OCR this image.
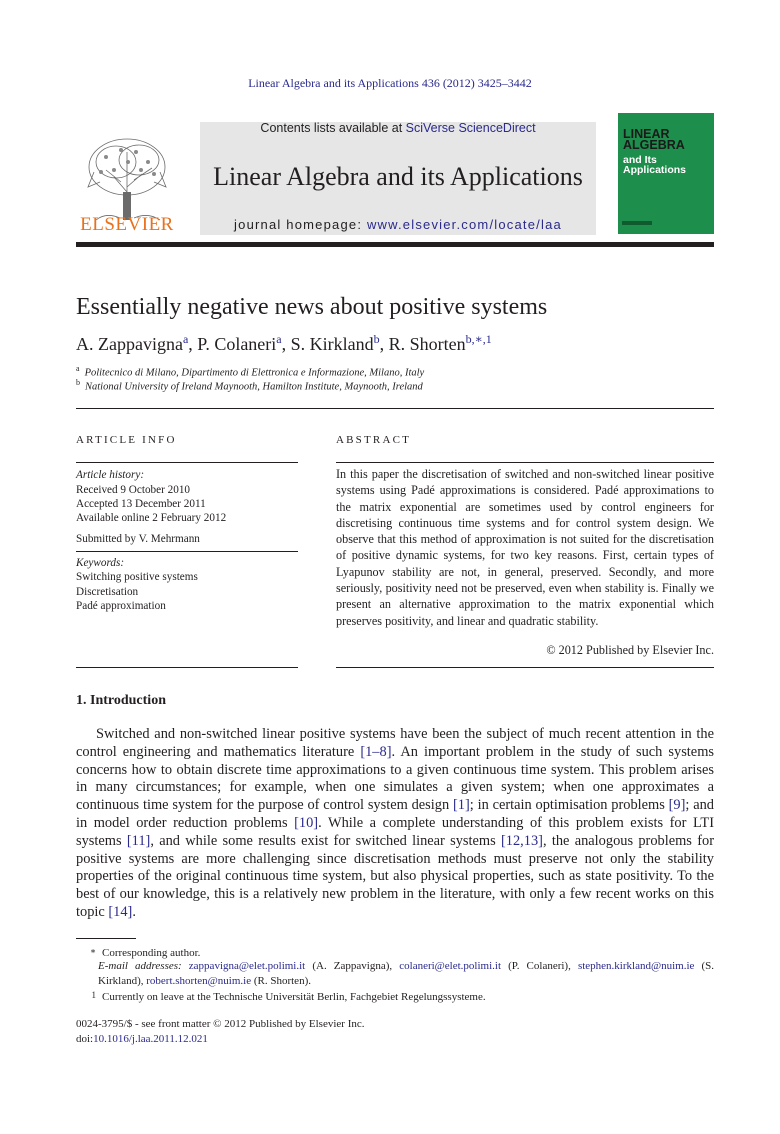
Linear Algebra and its Applications 436 (2012) 3425–3442
ELSEVIER
Contents lists available at SciVerse ScienceDirect
Linear Algebra and its Applications
journal homepage: www.elsevier.com/locate/laa
LINEAR ALGEBRA
and Its Applications
Essentially negative news about positive systems
A. Zappavigna$^a$, P. Colaneri$^a$, S. Kirkland$^b$, R. Shorten$^{b,∗,1}$
$^a$ Politecnico di Milano, Dipartimento di Elettronica e Informazione, Milano, Italy
$^b$ National University of Ireland Maynooth, Hamilton Institute, Maynooth, Ireland
ARTICLE INFO	ABSTRACT
Article history:
Received 9 October 2010
Accepted 13 December 2011
Available online 2 February 2012
Submitted by V. Mehrmann
Keywords:
Switching positive systems
Discretisation
Padé approximation
In this paper the discretisation of switched and non-switched linear positive systems using Padé approximations is considered. Padé approximations to the matrix exponential are sometimes used by control engineers for discretising continuous time systems and for control system design. We observe that this method of approximation is not suited for the discretisation of positive dynamic systems, for two key reasons. First, certain types of Lyapunov stability are not, in general, preserved. Secondly, and more seriously, positivity need not be preserved, even when stability is. Finally we present an alternative approximation to the matrix exponential which preserves positivity, and linear and quadratic stability.
© 2012 Published by Elsevier Inc.
1. Introduction
Switched and non-switched linear positive systems have been the subject of much recent attention in the control engineering and mathematics literature [1–8]. An important problem in the study of such systems concerns how to obtain discrete time approximations to a given continuous time system. This problem arises in many circumstances; for example, when one simulates a given system; when one approximates a continuous time system for the purpose of control system design [1]; in certain optimisation problems [9]; and in model order reduction problems [10]. While a complete understanding of this problem exists for LTI systems [11], and while some results exist for switched linear systems [12,13], the analogous problems for positive systems are more challenging since discretisation methods must preserve not only the stability properties of the original continuous time system, but also physical properties, such as state positivity. To the best of our knowledge, this is a relatively new problem in the literature, with only a few recent works on this topic [14].
∗ Corresponding author.
E-mail addresses: zappavigna@elet.polimi.it (A. Zappavigna), colaneri@elet.polimi.it (P. Colaneri), stephen.kirkland@nuim.ie (S. Kirkland), robert.shorten@nuim.ie (R. Shorten).
1 Currently on leave at the Technische Universität Berlin, Fachgebiet Regelungssysteme.
0024-3795/$ - see front matter © 2012 Published by Elsevier Inc.
doi:10.1016/j.laa.2011.12.021
